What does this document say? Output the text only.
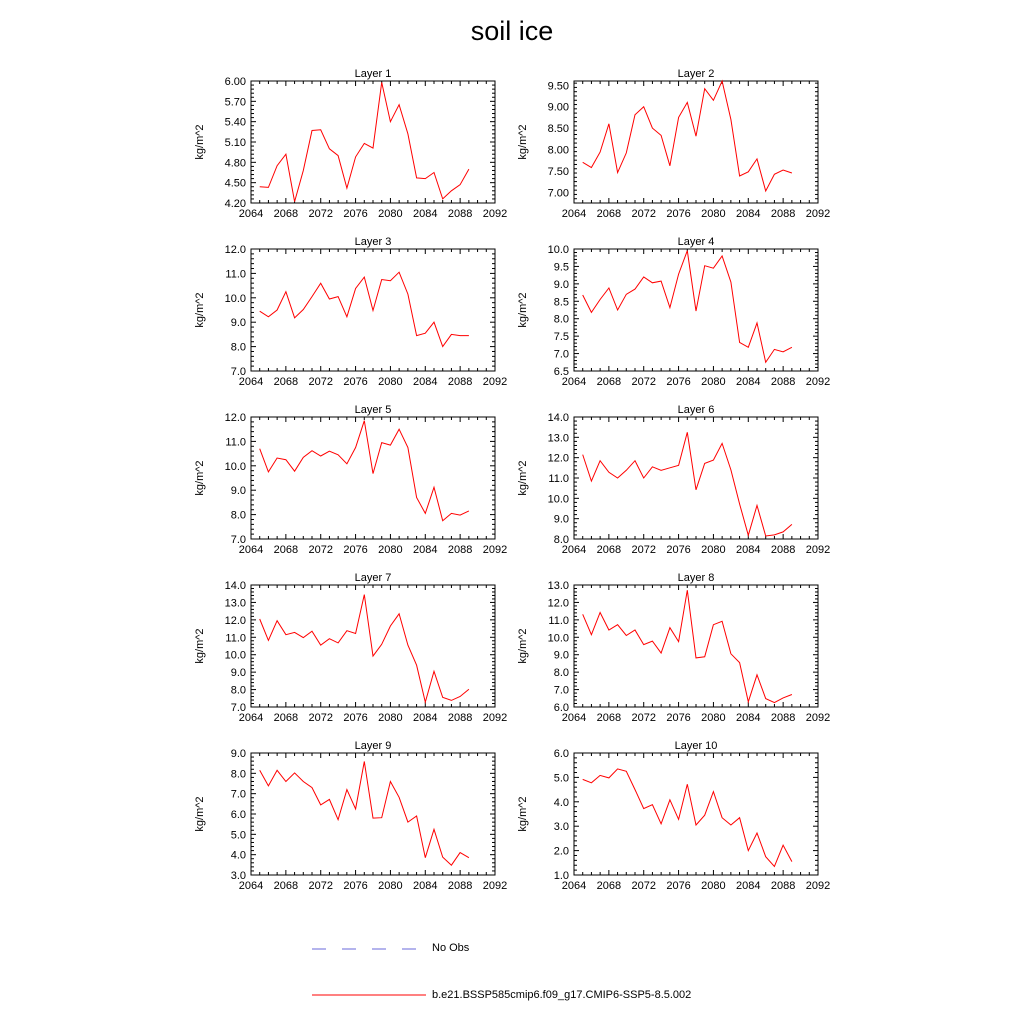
soil ice
Layer 1
2064 2068 2072 2076 2080 2084 2088 2092
4.20
4.50
4.80
5.10
5.40
5.70
6.00
kg/m^2
Layer 2
2064 2068 2072 2076 2080 2084 2088 2092
7.00
7.50
8.00
8.50
9.00
9.50
kg/m^2
Layer 3
2064 2068 2072 2076 2080 2084 2088 2092
7.0
8.0
9.0
10.0
11.0
12.0
kg/m^2
Layer 4
2064 2068 2072 2076 2080 2084 2088 2092
6.5
7.0
7.5
8.0
8.5
9.0
9.5
10.0
kg/m^2
Layer 5
2064 2068 2072 2076 2080 2084 2088 2092
7.0
8.0
9.0
10.0
11.0
12.0
kg/m^2
Layer 6
2064 2068 2072 2076 2080 2084 2088 2092
8.0
9.0
10.0
11.0
12.0
13.0
14.0
kg/m^2
Layer 7
2064 2068 2072 2076 2080 2084 2088 2092
7.0
8.0
9.0
10.0
11.0
12.0
13.0
14.0
kg/m^2
Layer 8
2064 2068 2072 2076 2080 2084 2088 2092
6.0
7.0
8.0
9.0
10.0
11.0
12.0
13.0
kg/m^2
Layer 9
2064 2068 2072 2076 2080 2084 2088 2092
3.0
4.0
5.0
6.0
7.0
8.0
9.0
kg/m^2
Layer 10
2064 2068 2072 2076 2080 2084 2088 2092
1.0
2.0
3.0
4.0
5.0
6.0
kg/m^2
No Obs
b.e21.BSSP585cmip6.f09_g17.CMIP6-SSP5-8.5.002
